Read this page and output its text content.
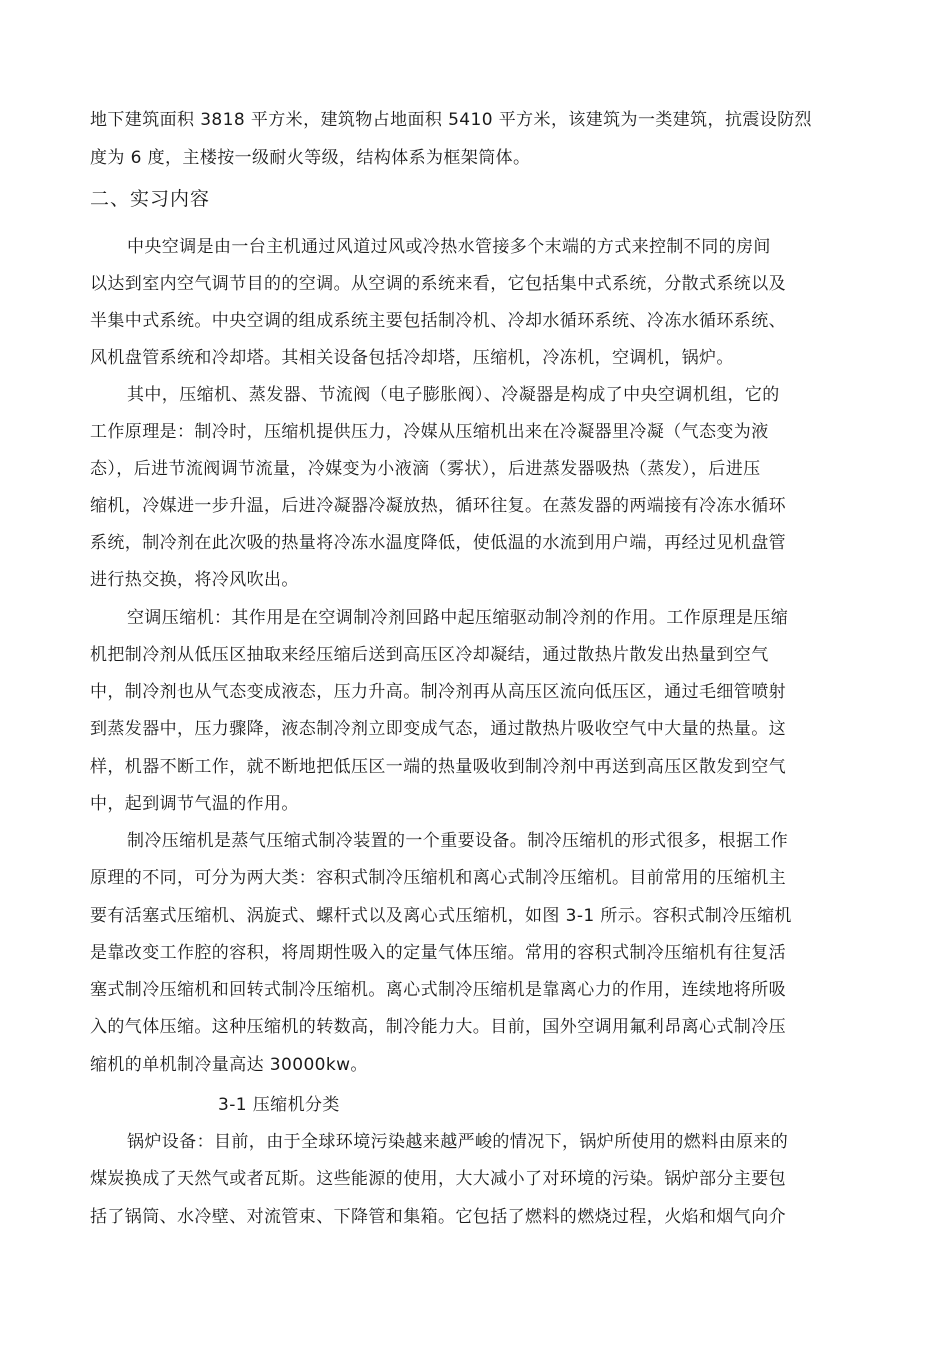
地下建筑面积 3818 平方米，建筑物占地面积 5410 平方米，该建筑为一类建筑，抗震设防烈
度为 6 度，主楼按一级耐火等级，结构体系为框架筒体。
二、实习内容
中央空调是由一台主机通过风道过风或冷热水管接多个末端的方式来控制不同的房间
以达到室内空气调节目的的空调。从空调的系统来看，它包括集中式系统，分散式系统以及
半集中式系统。中央空调的组成系统主要包括制冷机、冷却水循环系统、冷冻水循环系统、
风机盘管系统和冷却塔。其相关设备包括冷却塔，压缩机，冷冻机，空调机，锅炉。
其中，压缩机、蒸发器、节流阀（电子膨胀阀）、冷凝器是构成了中央空调机组，它的
工作原理是：制冷时，压缩机提供压力，冷媒从压缩机出来在冷凝器里冷凝（气态变为液
态），后进节流阀调节流量，冷媒变为小液滴（雾状），后进蒸发器吸热（蒸发），后进压
缩机，冷媒进一步升温，后进冷凝器冷凝放热，循环往复。在蒸发器的两端接有冷冻水循环
系统，制冷剂在此次吸的热量将冷冻水温度降低，使低温的水流到用户端，再经过见机盘管
进行热交换，将冷风吹出。
空调压缩机：其作用是在空调制冷剂回路中起压缩驱动制冷剂的作用。工作原理是压缩
机把制冷剂从低压区抽取来经压缩后送到高压区冷却凝结，通过散热片散发出热量到空气
中，制冷剂也从气态变成液态，压力升高。制冷剂再从高压区流向低压区，通过毛细管喷射
到蒸发器中，压力骤降，液态制冷剂立即变成气态，通过散热片吸收空气中大量的热量。这
样，机器不断工作，就不断地把低压区一端的热量吸收到制冷剂中再送到高压区散发到空气
中，起到调节气温的作用。
制冷压缩机是蒸气压缩式制冷装置的一个重要设备。制冷压缩机的形式很多，根据工作
原理的不同，可分为两大类：容积式制冷压缩机和离心式制冷压缩机。目前常用的压缩机主
要有活塞式压缩机、涡旋式、螺杆式以及离心式压缩机，如图 3-1 所示。容积式制冷压缩机
是靠改变工作腔的容积，将周期性吸入的定量气体压缩。常用的容积式制冷压缩机有往复活
塞式制冷压缩机和回转式制冷压缩机。离心式制冷压缩机是靠离心力的作用，连续地将所吸
入的气体压缩。这种压缩机的转数高，制冷能力大。目前，国外空调用氟利昂离心式制冷压
缩机的单机制冷量高达 30000kw。
3-1 压缩机分类
锅炉设备：目前，由于全球环境污染越来越严峻的情况下，锅炉所使用的燃料由原来的
煤炭换成了天然气或者瓦斯。这些能源的使用，大大减小了对环境的污染。锅炉部分主要包
括了锅筒、水冷壁、对流管束、下降管和集箱。它包括了燃料的燃烧过程，火焰和烟气向介
